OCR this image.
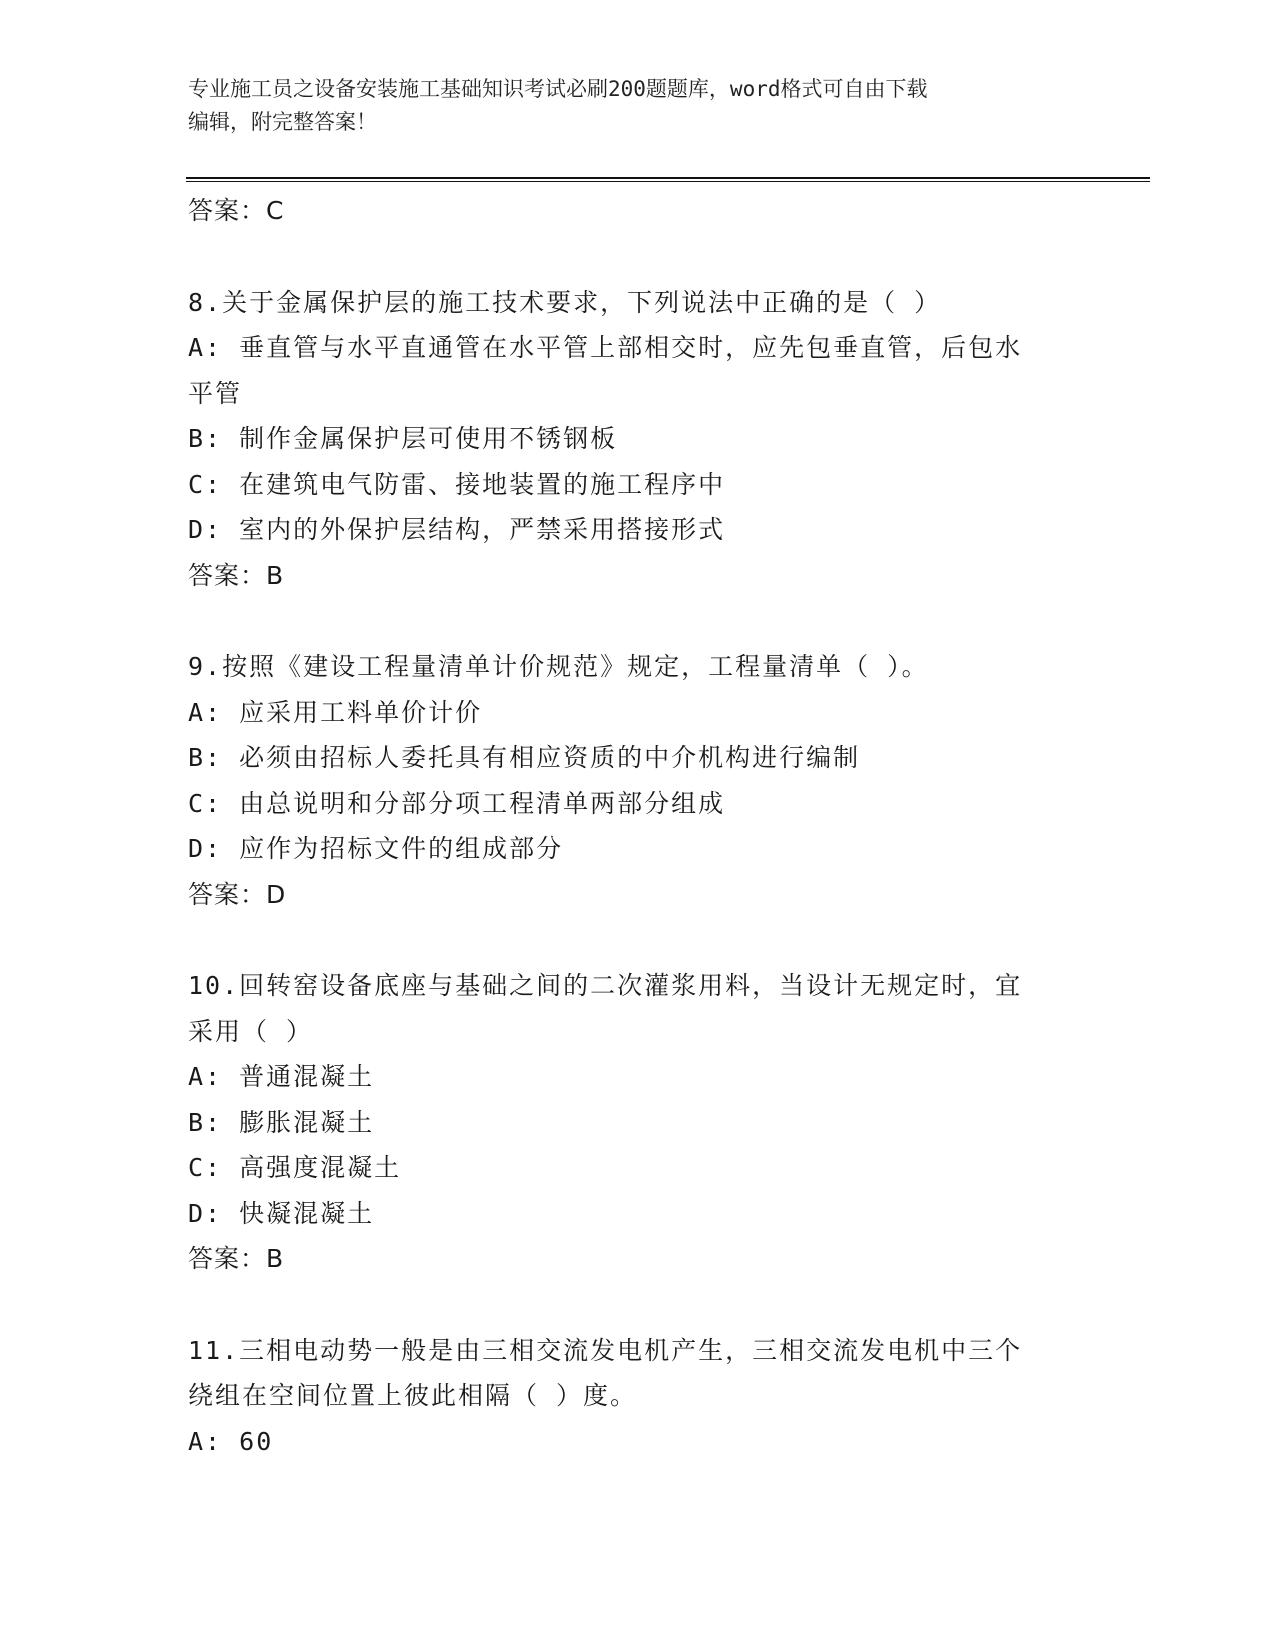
专业施工员之设备安装施工基础知识考试必刷200题题库，word格式可自由下载
编辑，附完整答案！
答案：C
8.关于金属保护层的施工技术要求，下列说法中正确的是（ ）
A: 垂直管与水平直通管在水平管上部相交时，应先包垂直管，后包水
平管
B: 制作金属保护层可使用不锈钢板
C: 在建筑电气防雷、接地装置的施工程序中
D: 室内的外保护层结构，严禁采用搭接形式
答案：B
9.按照《建设工程量清单计价规范》规定，工程量清单（ ）。
A: 应采用工料单价计价
B: 必须由招标人委托具有相应资质的中介机构进行编制
C: 由总说明和分部分项工程清单两部分组成
D: 应作为招标文件的组成部分
答案：D
10.回转窑设备底座与基础之间的二次灌浆用料，当设计无规定时，宜
采用（ ）
A: 普通混凝土
B: 膨胀混凝土
C: 高强度混凝土
D: 快凝混凝土
答案：B
11.三相电动势一般是由三相交流发电机产生，三相交流发电机中三个
绕组在空间位置上彼此相隔（ ）度。
A: 60
